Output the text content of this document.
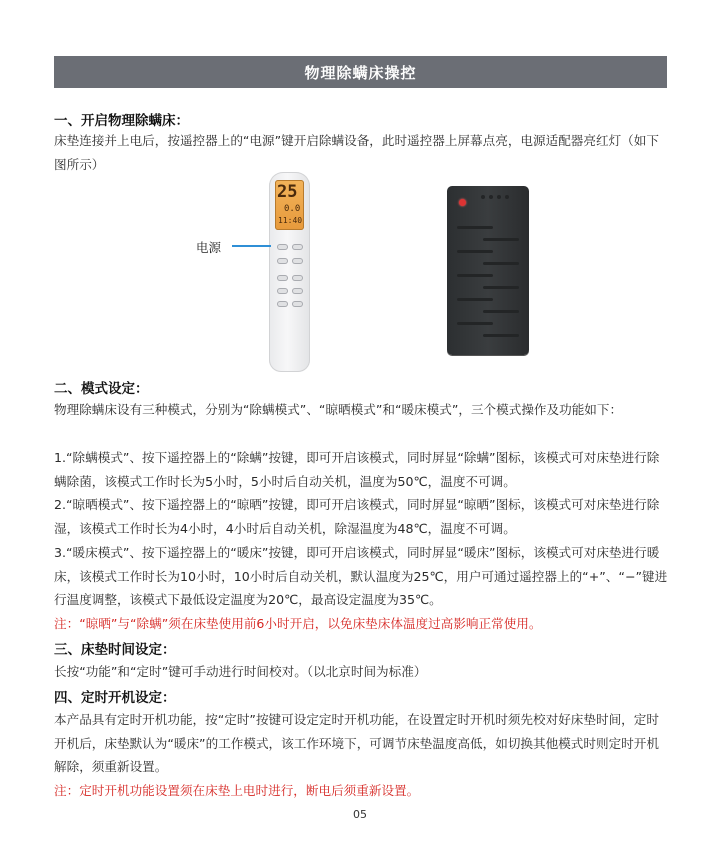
物理除螨床操控
一、开启物理除螨床：
床垫连接并上电后，按遥控器上的“电源”键开启除螨设备，此时遥控器上屏幕点亮，电源适配器亮红灯（如下图所示）
25
0.0
11:40
电源
二、模式设定：
物理除螨床设有三种模式，分别为“除螨模式”、“晾晒模式”和“暖床模式”，三个模式操作及功能如下：
1.“除螨模式”、按下遥控器上的“除螨”按键，即可开启该模式，同时屏显“除螨”图标，该模式可对床垫进行除螨除菌，该模式工作时长为5小时，5小时后自动关机，温度为50℃，温度不可调。
2.“晾晒模式”、按下遥控器上的“晾晒”按键，即可开启该模式，同时屏显“晾晒”图标，该模式可对床垫进行除湿，该模式工作时长为4小时，4小时后自动关机，除湿温度为48℃，温度不可调。
3.“暖床模式”、按下遥控器上的“暖床”按键，即可开启该模式，同时屏显“暖床”图标，该模式可对床垫进行暖床，该模式工作时长为10小时，10小时后自动关机，默认温度为25℃，用户可通过遥控器上的“+”、“−”键进行温度调整，该模式下最低设定温度为20℃，最高设定温度为35℃。
注：“晾晒”与“除螨”须在床垫使用前6小时开启，以免床垫床体温度过高影响正常使用。
三、床垫时间设定：
长按“功能”和“定时”键可手动进行时间校对。（以北京时间为标准）
四、定时开机设定：
本产品具有定时开机功能，按“定时”按键可设定定时开机功能，在设置定时开机时须先校对好床垫时间，定时开机后，床垫默认为“暖床”的工作模式，该工作环境下，可调节床垫温度高低，如切换其他模式时则定时开机解除，须重新设置。
注：定时开机功能设置须在床垫上电时进行，断电后须重新设置。
05
